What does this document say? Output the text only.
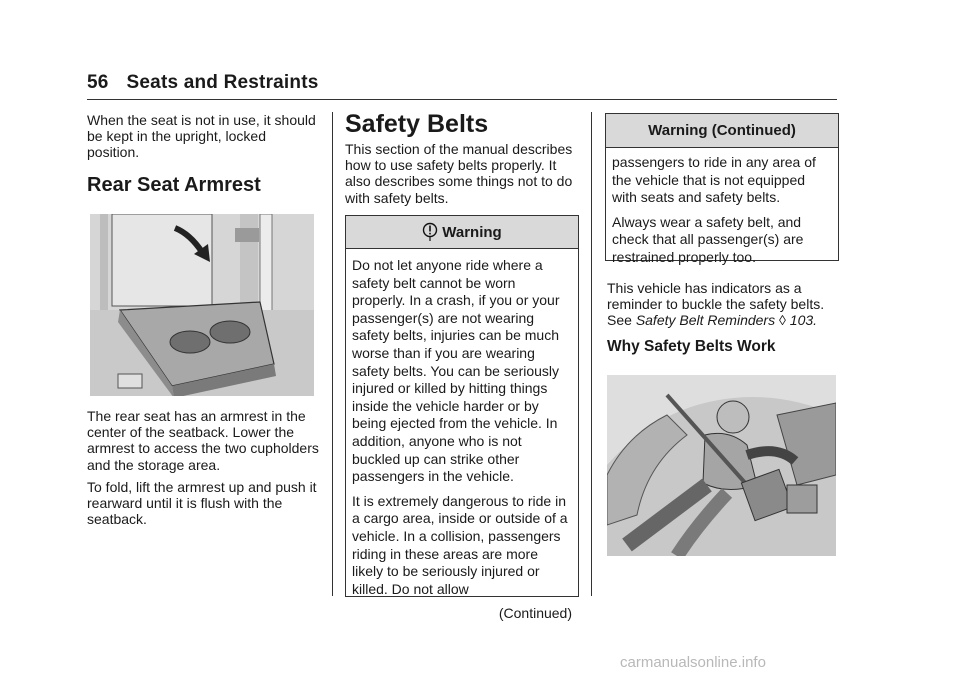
56 Seats and Restraints
When the seat is not in use, it should be kept in the upright, locked position.
Rear Seat Armrest
The rear seat has an armrest in the center of the seatback. Lower the armrest to access the two cupholders and the storage area.
To fold, lift the armrest up and push it rearward until it is flush with the seatback.
Safety Belts
This section of the manual describes how to use safety belts properly. It also describes some things not to do with safety belts.
Warning

Do not let anyone ride where a safety belt cannot be worn properly. In a crash, if you or your passenger(s) are not wearing safety belts, injuries can be much worse than if you are wearing safety belts. You can be seriously injured or killed by hitting things inside the vehicle harder or by being ejected from the vehicle. In addition, anyone who is not buckled up can strike other passengers in the vehicle.

It is extremely dangerous to ride in a cargo area, inside or outside of a vehicle. In a collision, passengers riding in these areas are more likely to be seriously injured or killed. Do not allow

(Continued)
Warning (Continued)

passengers to ride in any area of the vehicle that is not equipped with seats and safety belts.

Always wear a safety belt, and check that all passenger(s) are restrained properly too.

This vehicle has indicators as a reminder to buckle the safety belts. See Safety Belt Reminders ◊ 103.
Why Safety Belts Work
carmanualsonline.info
